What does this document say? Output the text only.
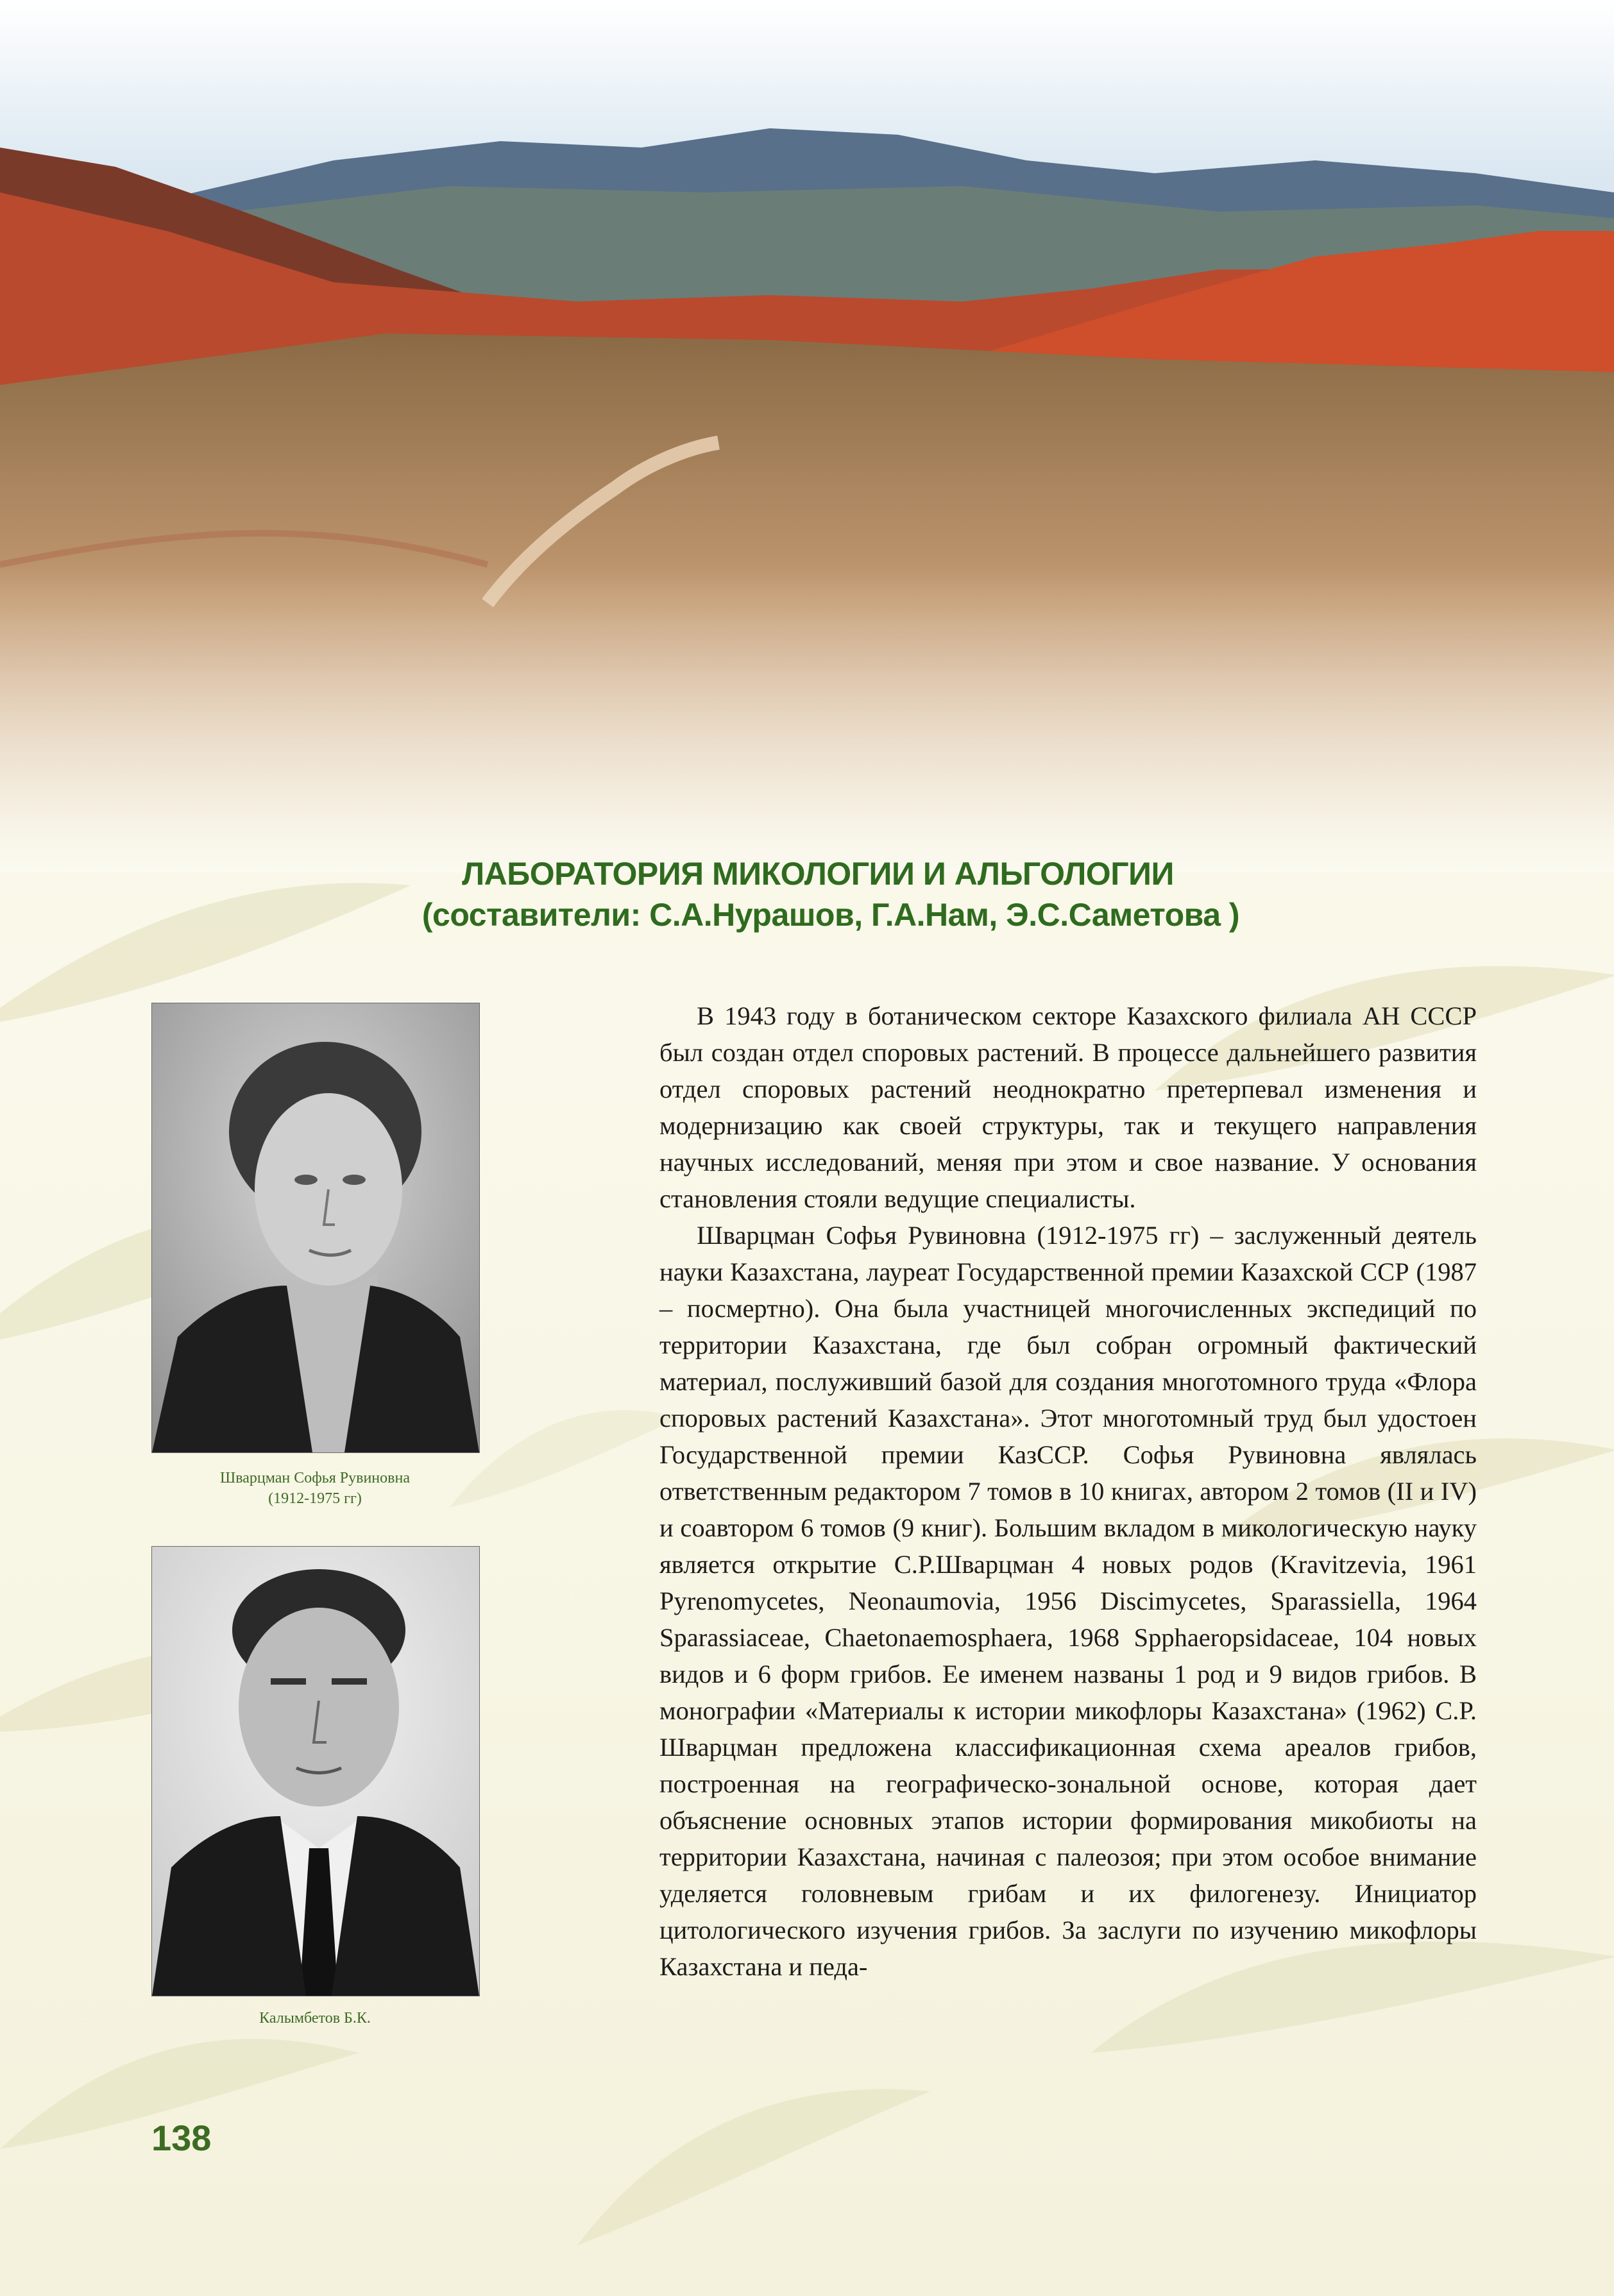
ЛАБОРАТОРИЯ МИКОЛОГИИ И АЛЬГОЛОГИИ
(составители: С.А.Нурашов, Г.А.Нам, Э.С.Саметова )
Шварцман Софья Рувиновна
(1912-1975 гг)
Калымбетов Б.К.

В 1943 году в ботаническом секторе Казахского филиала АН СССР был создан отдел споровых растений. В процессе дальнейшего развития отдел споровых растений неоднократно претерпевал изменения и модернизацию как своей структуры, так и текущего направления научных исследований, меняя при этом и свое название. У основания становления стояли ведущие специалисты.

Шварцман Софья Рувиновна (1912-1975 гг) – заслуженный деятель науки Казахстана, лауреат Государственной премии Казахской ССР (1987 – посмертно). Она была участницей многочисленных экспедиций по территории Казахстана, где был собран огромный фактический материал, послуживший базой для создания многотомного труда «Флора споровых растений Казахстана». Этот многотомный труд был удостоен Государственной премии КазССР. Софья Рувиновна являлась ответственным редактором 7 томов в 10 книгах, автором 2 томов (II и IV) и соавтором 6 томов (9 книг). Большим вкладом в микологическую науку является открытие С.Р.Шварцман 4 новых родов (Kravitzevia, 1961 Pyrenomycetes, Neonaumovia, 1956 Discimycetes, Sparassiella, 1964 Sparassiaceae, Chaetonaemosphaera, 1968 Spphaeropsidaceae, 104 новых видов и 6 форм грибов. Ее именем названы 1 род и 9 видов грибов. В монографии «Материалы к истории микофлоры Казахстана» (1962) С.Р. Шварцман предложена классификационная схема ареалов грибов, построенная на географическо-зональной основе, которая дает объяснение основных этапов истории формирования микобиоты на территории Казахстана, начиная с палеозоя; при этом особое внимание уделяется головневым грибам и их филогенезу. Инициатор цитологического изучения грибов. За заслуги по изучению микофлоры Казахстана и педа-

138
